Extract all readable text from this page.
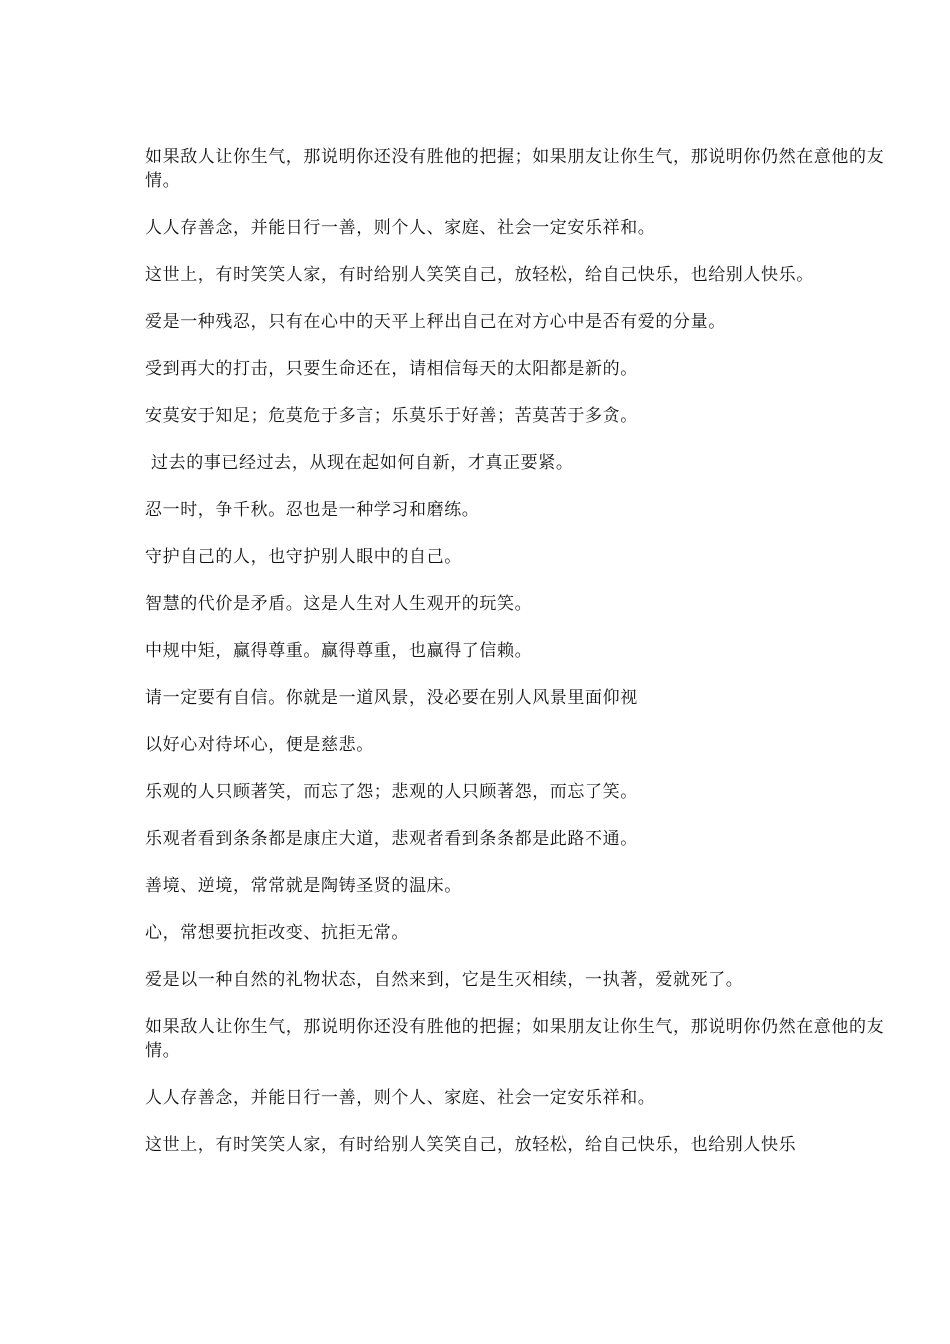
如果敌人让你生气，那说明你还没有胜他的把握；如果朋友让你生气，那说明你仍然在意他的友情。

人人存善念，并能日行一善，则个人、家庭、社会一定安乐祥和。

这世上，有时笑笑人家，有时给别人笑笑自己，放轻松，给自己快乐，也给别人快乐。

爱是一种残忍，只有在心中的天平上秤出自己在对方心中是否有爱的分量。

受到再大的打击，只要生命还在，请相信每天的太阳都是新的。

安莫安于知足；危莫危于多言；乐莫乐于好善；苦莫苦于多贪。

过去的事已经过去，从现在起如何自新，才真正要紧。

忍一时，争千秋。忍也是一种学习和磨练。

守护自己的人，也守护别人眼中的自己。

智慧的代价是矛盾。这是人生对人生观开的玩笑。

中规中矩，赢得尊重。赢得尊重，也赢得了信赖。

请一定要有自信。你就是一道风景，没必要在别人风景里面仰视

以好心对待坏心，便是慈悲。

乐观的人只顾著笑，而忘了怨；悲观的人只顾著怨，而忘了笑。

乐观者看到条条都是康庄大道，悲观者看到条条都是此路不通。

善境、逆境，常常就是陶铸圣贤的温床。

心，常想要抗拒改变、抗拒无常。

爱是以一种自然的礼物状态，自然来到，它是生灭相续，一执著，爱就死了。

如果敌人让你生气，那说明你还没有胜他的把握；如果朋友让你生气，那说明你仍然在意他的友情。

人人存善念，并能日行一善，则个人、家庭、社会一定安乐祥和。

这世上，有时笑笑人家，有时给别人笑笑自己，放轻松，给自己快乐，也给别人快乐
